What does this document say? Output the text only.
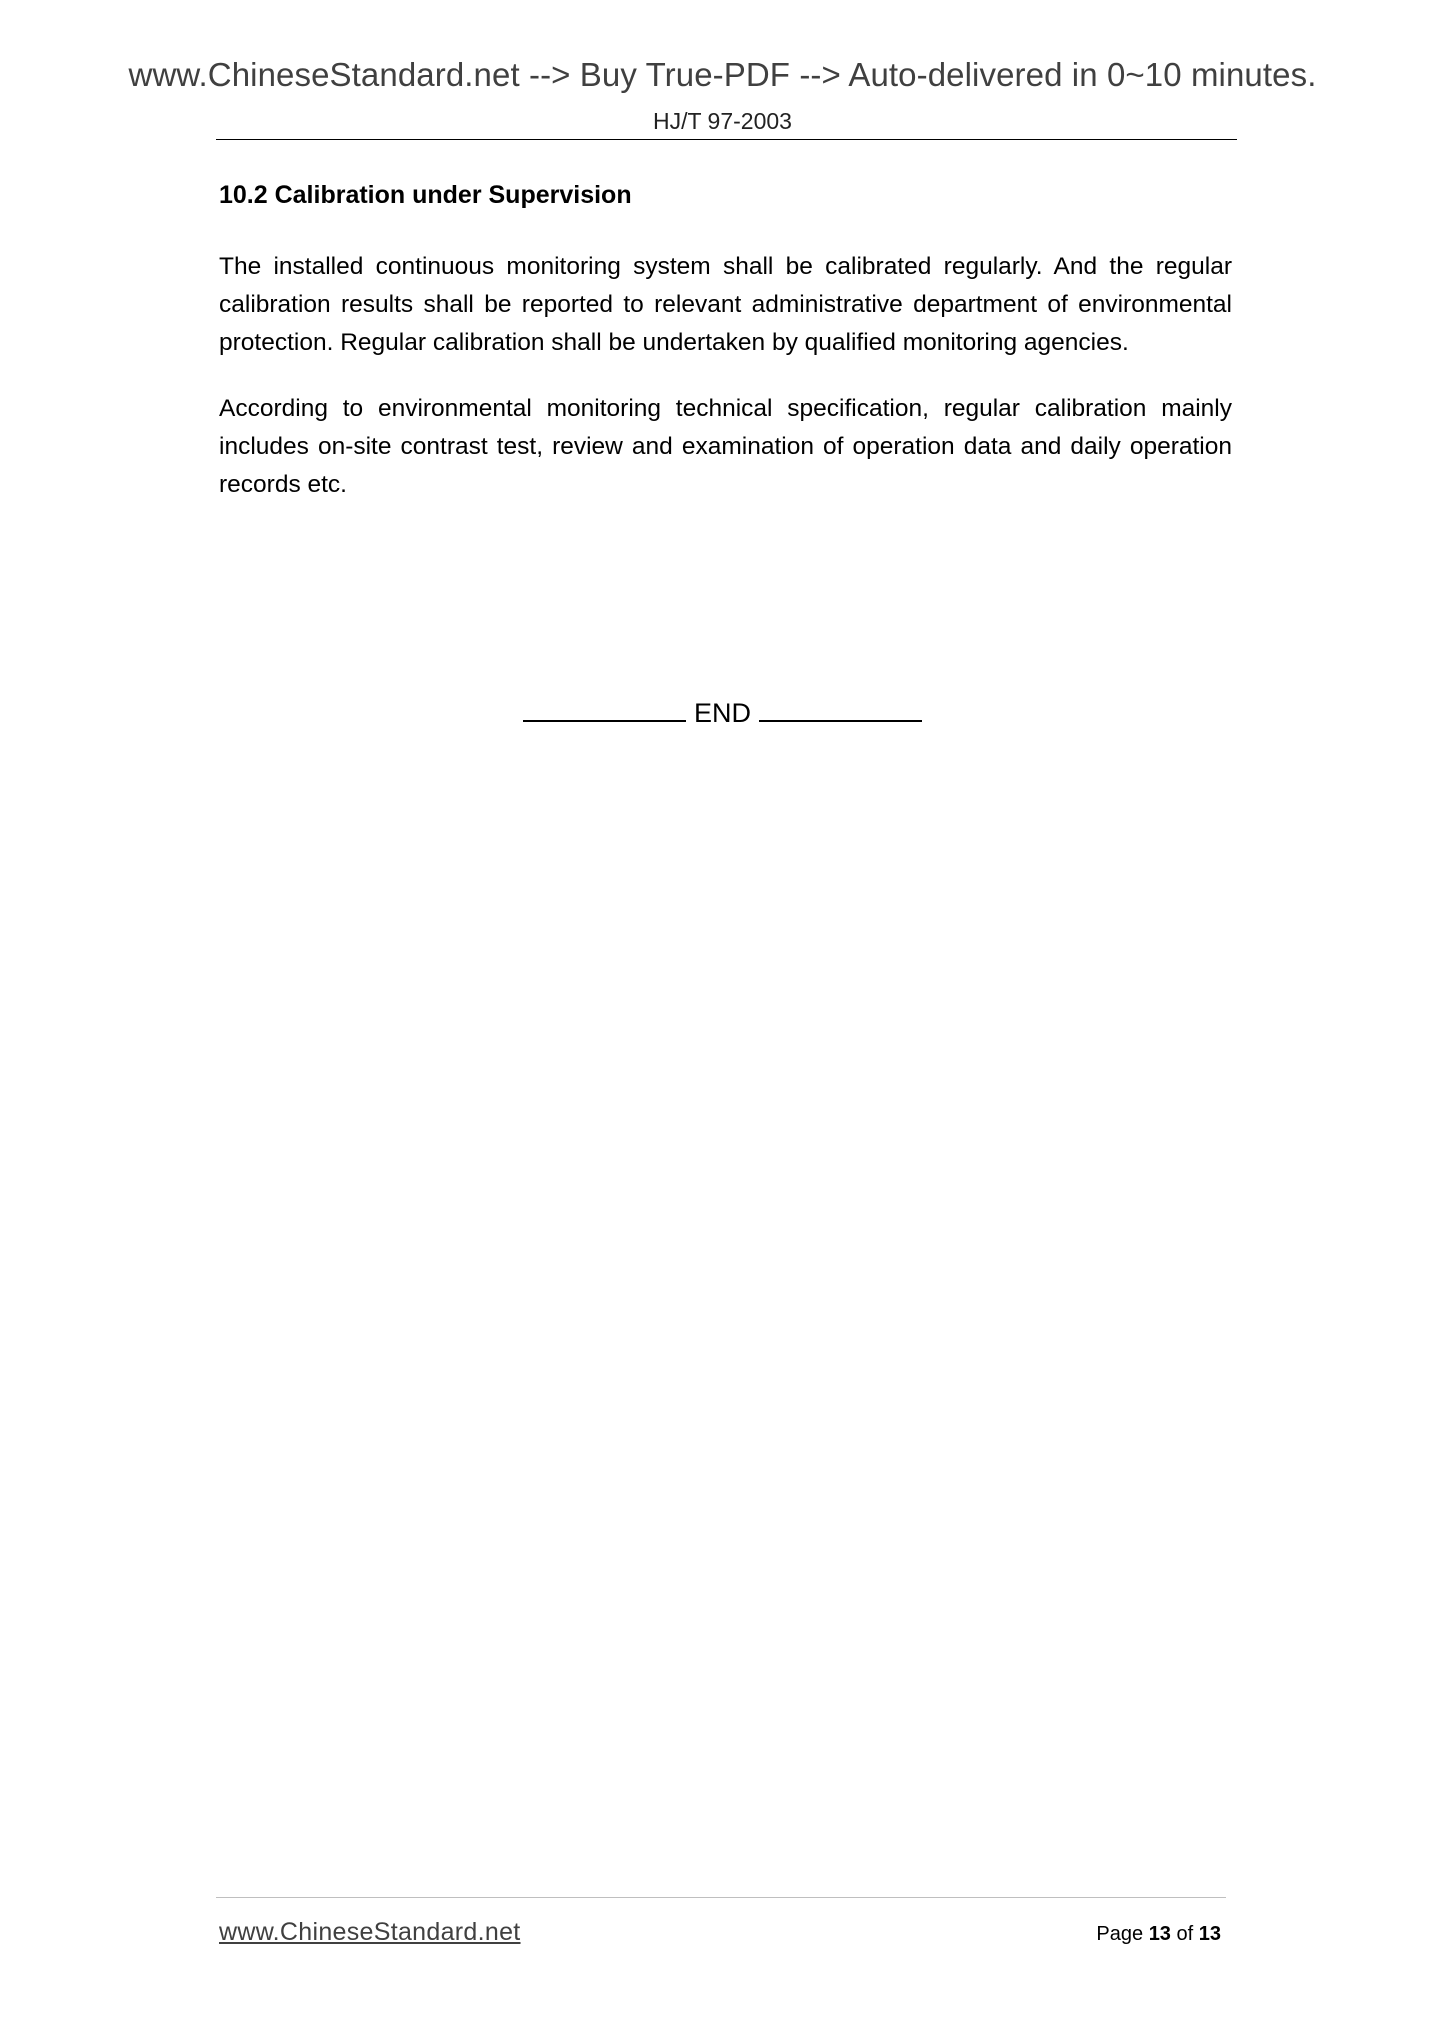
www.ChineseStandard.net --> Buy True-PDF --> Auto-delivered in 0~10 minutes.
HJ/T 97-2003
10.2 Calibration under Supervision

The installed continuous monitoring system shall be calibrated regularly. And the regular calibration results shall be reported to relevant administrative department of environmental protection. Regular calibration shall be undertaken by qualified monitoring agencies.

According to environmental monitoring technical specification, regular calibration mainly includes on-site contrast test, review and examination of operation data and daily operation records etc.

END
www.ChineseStandard.net	Page 13 of 13
